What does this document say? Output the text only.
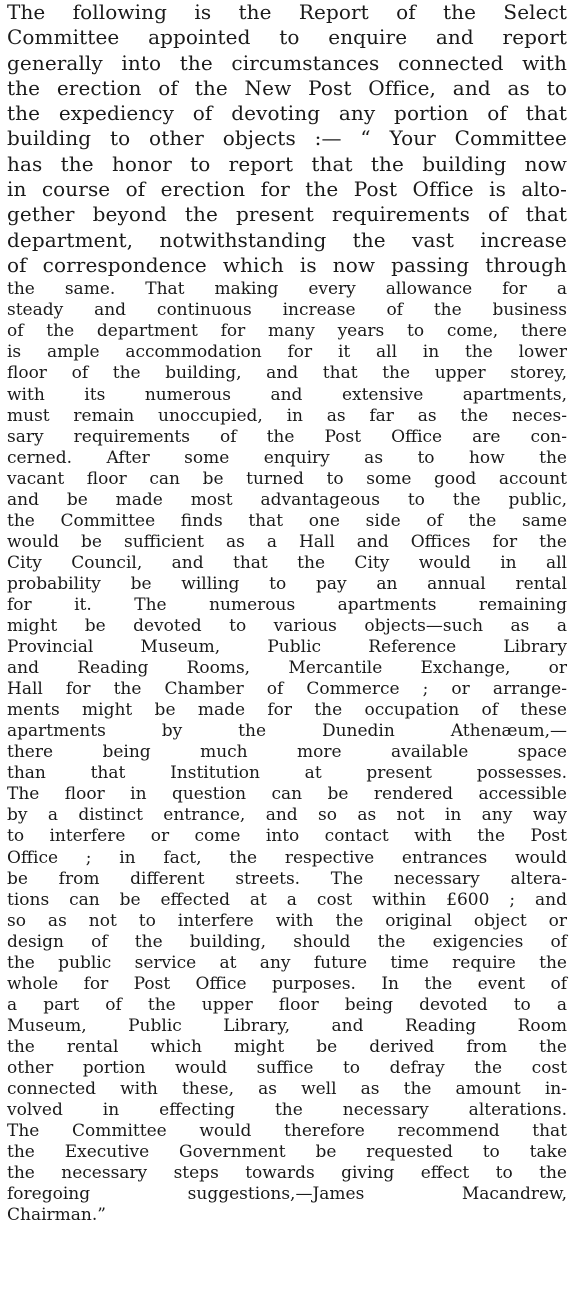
The following is the Report of the Select
Committee appointed to enquire and report
generally into the circumstances connected with
the erection of the New Post Office, and as to
the expediency of devoting any portion of that
building to other objects :— “ Your Committee
has the honor to report that the building now
in course of erection for the Post Office is alto-
gether beyond the present requirements of that
department, notwithstanding the vast increase
of correspondence which is now passing through
the same. That making every allowance for a
steady and continuous increase of the business
of the department for many years to come, there
is ample accommodation for it all in the lower
floor of the building, and that the upper storey,
with its numerous and extensive apartments,
must remain unoccupied, in as far as the neces-
sary requirements of the Post Office are con-
cerned. After some enquiry as to how the
vacant floor can be turned to some good account
and be made most advantageous to the public,
the Committee finds that one side of the same
would be sufficient as a Hall and Offices for the
City Council, and that the City would in all
probability be willing to pay an annual rental
for it. The numerous apartments remaining
might be devoted to various objects—such as a
Provincial Museum, Public Reference Library
and Reading Rooms, Mercantile Exchange, or
Hall for the Chamber of Commerce ; or arrange-
ments might be made for the occupation of these
apartments by the Dunedin Athenæum,—
there being much more available space
than that Institution at present possesses.
The floor in question can be rendered accessible
by a distinct entrance, and so as not in any way
to interfere or come into contact with the Post
Office ; in fact, the respective entrances would
be from different streets. The necessary altera-
tions can be effected at a cost within £600 ; and
so as not to interfere with the original object or
design of the building, should the exigencies of
the public service at any future time require the
whole for Post Office purposes. In the event of
a part of the upper floor being devoted to a
Museum, Public Library, and Reading Room
the rental which might be derived from the
other portion would suffice to defray the cost
connected with these, as well as the amount in-
volved in effecting the necessary alterations.
The Committee would therefore recommend that
the Executive Government be requested to take
the necessary steps towards giving effect to the
foregoing suggestions,—James Macandrew,
Chairman.”
